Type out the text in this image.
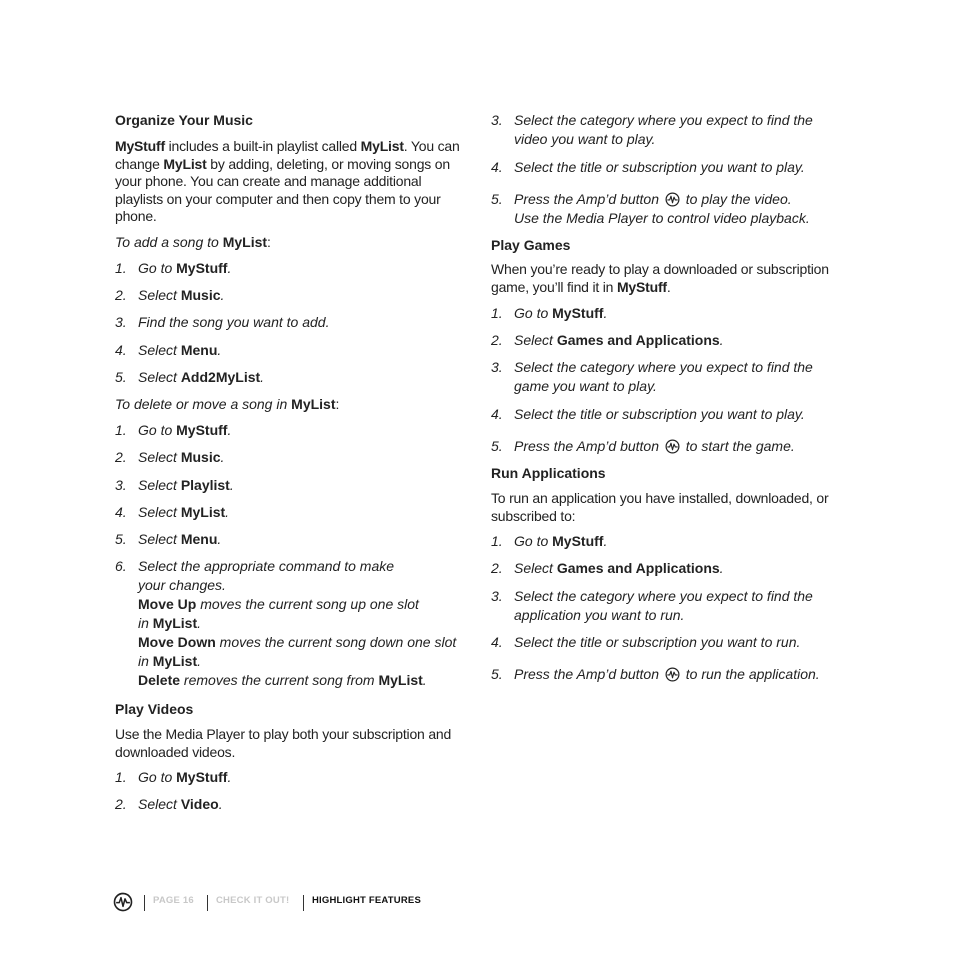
Organize Your Music
MyStuff includes a built-in playlist called MyList. You can change MyList by adding, deleting, or moving songs on your phone. You can create and manage additional playlists on your computer and then copy them to your phone.
To add a song to MyList:
1. Go to MyStuff.
2. Select Music.
3. Find the song you want to add.
4. Select Menu.
5. Select Add2MyList.
To delete or move a song in MyList:
1. Go to MyStuff.
2. Select Music.
3. Select Playlist.
4. Select MyList.
5. Select Menu.
6. Select the appropriate command to make
your changes.
Move Up moves the current song up one slot
in MyList.
Move Down moves the current song down one slot
in MyList.
Delete removes the current song from MyList.
Play Videos
Use the Media Player to play both your subscription and downloaded videos.
1. Go to MyStuff.
2. Select Video.
3. Select the category where you expect to find the
video you want to play.
4. Select the title or subscription you want to play.
5. Press the Amp’d button  to play the video.
Use the Media Player to control video playback.
Play Games
When you’re ready to play a downloaded or subscription game, you’ll find it in MyStuff.
1. Go to MyStuff.
2. Select Games and Applications.
3. Select the category where you expect to find the
game you want to play.
4. Select the title or subscription you want to play.
5. Press the Amp’d button  to start the game.
Run Applications
To run an application you have installed, downloaded, or subscribed to:
1. Go to MyStuff.
2. Select Games and Applications.
3. Select the category where you expect to find the
application you want to run.
4. Select the title or subscription you want to run.
5. Press the Amp’d button  to run the application.
PAGE 16 CHECK IT OUT! HIGHLIGHT FEATURES
